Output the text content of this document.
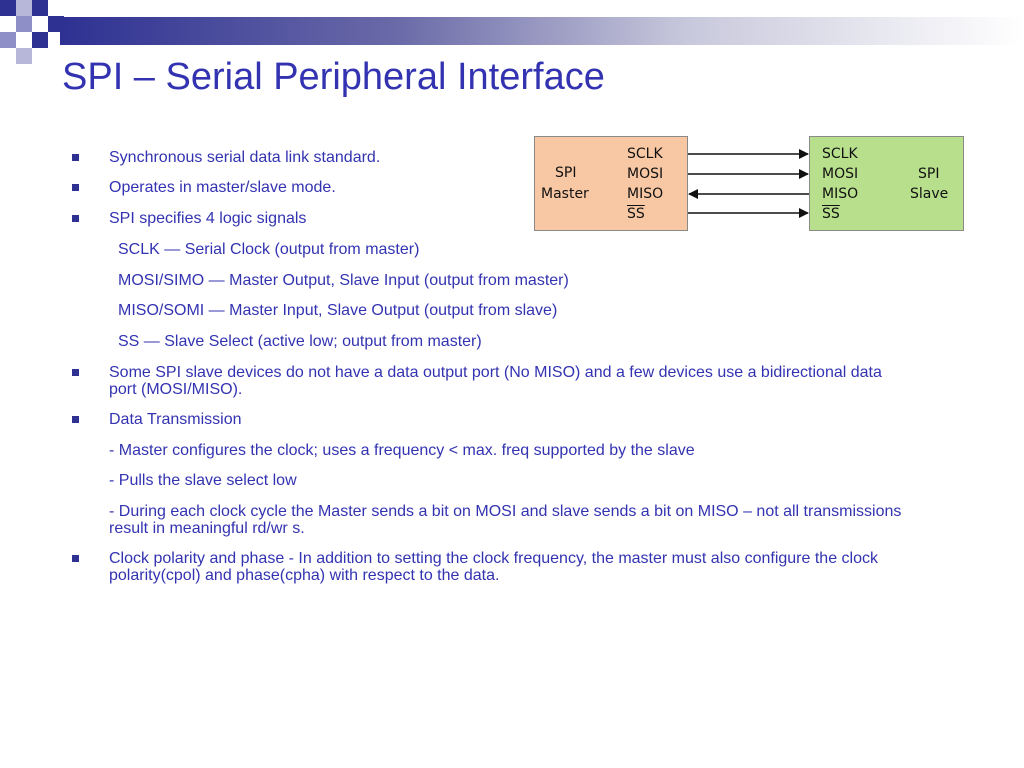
SPI – Serial Peripheral Interface
SPI
Master
SCLK
MOSI
MISO
$\overline{SS}$
SCLK
MOSI
MISO
$\overline{SS}$
SPI
Slave
Synchronous serial data link standard.
Operates in master/slave mode.
SPI specifies 4 logic signals
SCLK — Serial Clock (output from master)
MOSI/SIMO — Master Output, Slave Input (output from master)
MISO/SOMI — Master Input, Slave Output (output from slave)
SS — Slave Select (active low; output from master)
Some SPI slave devices do not have a data output port (No MISO) and a few devices use a bidirectional data
port (MOSI/MISO).
Data Transmission
- Master configures the clock; uses a frequency < max. freq supported by the slave
- Pulls the slave select low
- During each clock cycle the Master sends a bit on MOSI and slave sends a bit on MISO – not all transmissions
result in meaningful rd/wr s.
Clock polarity and phase - In addition to setting the clock frequency, the master must also configure the clock
polarity(cpol) and phase(cpha) with respect to the data.
